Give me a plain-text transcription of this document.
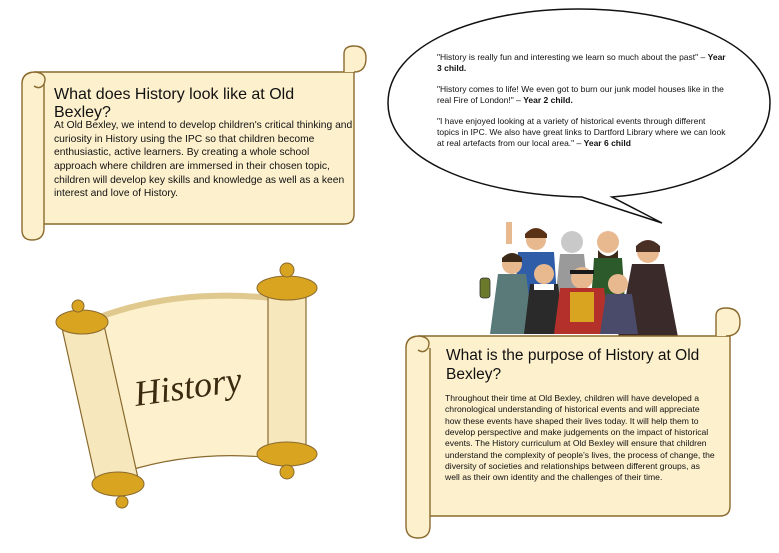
What does History look like at Old Bexley?
At Old Bexley, we intend to develop children's critical thinking and curiosity in History using the IPC so that children become enthusiastic, active learners. By creating a whole school approach where children are immersed in their chosen topic, children will develop key skills and knowledge as well as a keen interest and love of History.
"History is really fun and interesting we learn so much about the past" – Year 3 child.
"History comes to life! We even got to burn our junk model houses like in the real Fire of London!" – Year 2 child.
"I have enjoyed looking at a variety of historical events through different topics in IPC. We also have great links to Dartford Library where we can look at real artefacts from our local area." – Year 6 child
History
What is the purpose of History at Old Bexley?
Throughout their time at Old Bexley, children will have developed a chronological understanding of historical events and will appreciate how these events have shaped their lives today. It will help them to develop perspective and make judgements on the impact of historical events. The History curriculum at Old Bexley will ensure that children understand the complexity of people's lives, the process of change, the diversity of societies and relationships between different groups, as well as their own identity and the challenges of their time.
